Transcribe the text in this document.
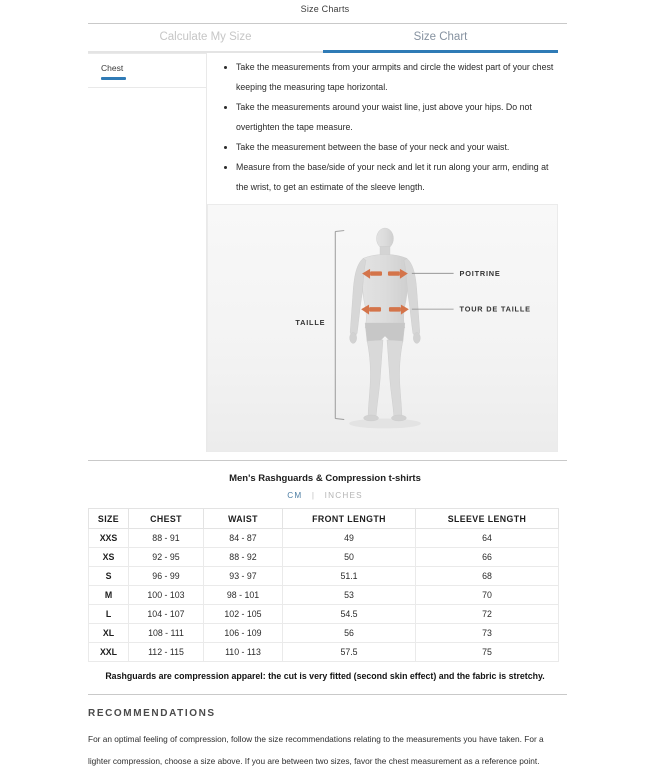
Size Charts
Calculate My Size	Size Chart
Chest	• Take the measurements from your armpits and circle the widest part of your chest keeping the measuring tape horizontal.
• Take the measurements around your waist line, just above your hips. Do not overtighten the tape measure.
• Take the measurement between the base of your neck and your waist.
• Measure from the base/side of your neck and let it run along your arm, ending at the wrist, to get an estimate of the sleeve length.
TAILLE
POITRINE
TOUR DE TAILLE
Men's Rashguards & Compression t-shirts
CM | INCHES
SIZE	CHEST	WAIST	FRONT LENGTH	SLEEVE LENGTH
XXS	88 - 91	84 - 87	49	64
XS	92 - 95	88 - 92	50	66
S	96 - 99	93 - 97	51.1	68
M	100 - 103	98 - 101	53	70
L	104 - 107	102 - 105	54.5	72
XL	108 - 111	106 - 109	56	73
XXL	112 - 115	110 - 113	57.5	75
Rashguards are compression apparel: the cut is very fitted (second skin effect) and the fabric is stretchy.
RECOMMENDATIONS

For an optimal feeling of compression, follow the size recommendations relating to the measurements you have taken. For a lighter compression, choose a size above. If you are between two sizes, favor the chest measurement as a reference point.
